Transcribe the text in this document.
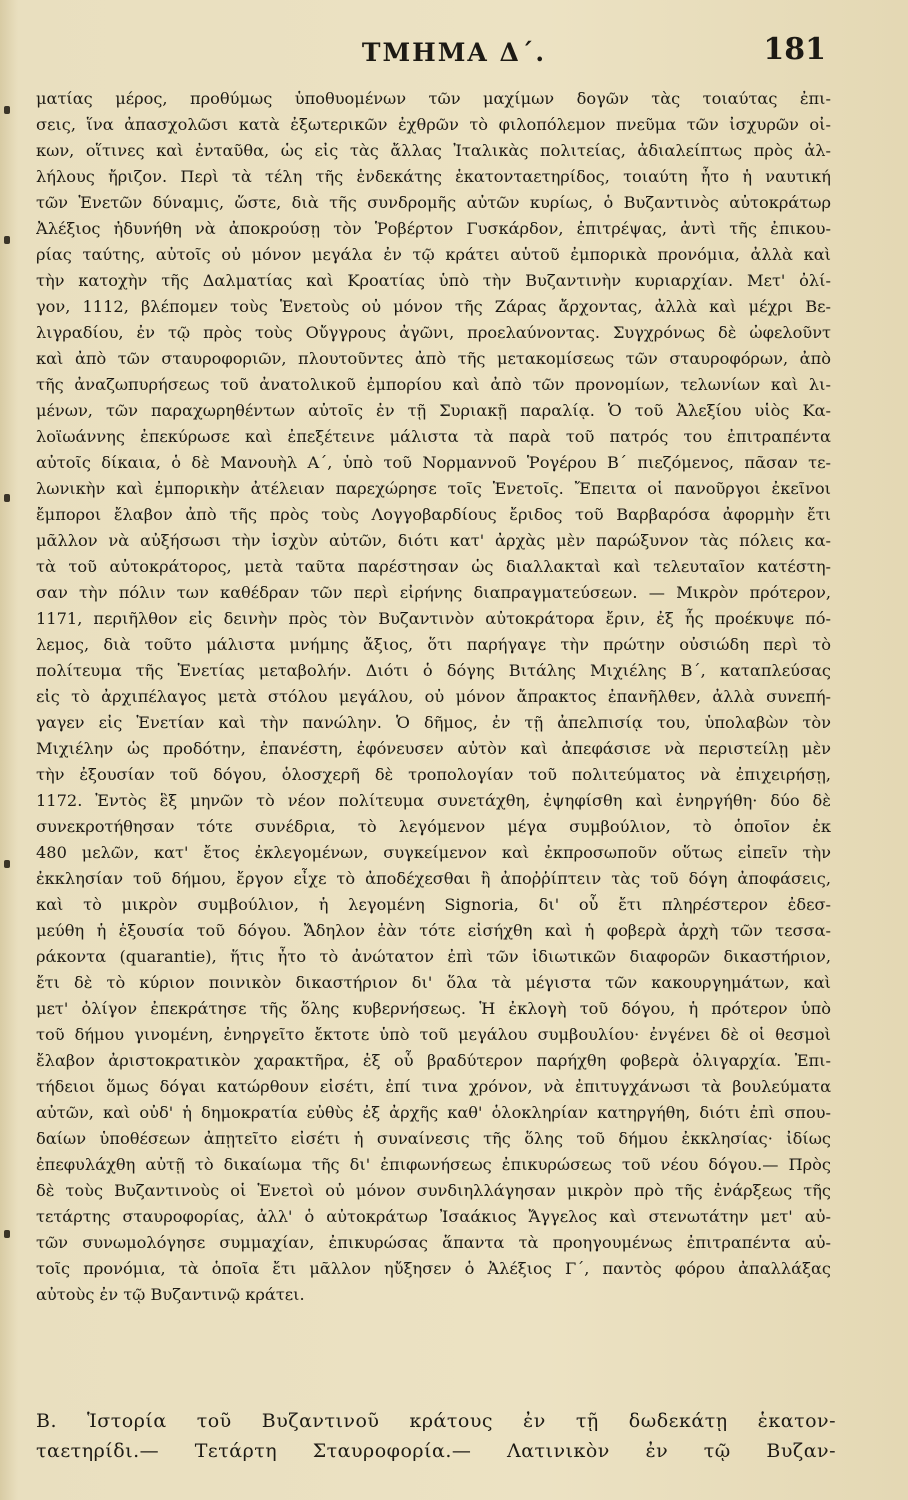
ΤΜΗΜΑ Δ΄.	181
ματίας μέρος, προθύμως ὑποθυομένων τῶν μαχίμων δογῶν τὰς τοιαύτας ἐπι-
σεις, ἵνα ἀπασχολῶσι κατὰ ἐξωτερικῶν ἐχθρῶν τὸ φιλοπόλεμον πνεῦμα τῶν ἰσχυρῶν οἰ-
κων, οἵτινες καὶ ἐνταῦθα, ὡς εἰς τὰς ἄλλας Ἰταλικὰς πολιτείας, ἀδιαλείπτως πρὸς ἀλ-
λήλους ἤριζον. Περὶ τὰ τέλη τῆς ἑνδεκάτης ἑκατονταετηρίδος, τοιαύτη ἦτο ἡ ναυτική
τῶν Ἑνετῶν δύναμις, ὥστε, διὰ τῆς συνδρομῆς αὐτῶν κυρίως, ὁ Βυζαντινὸς αὐτοκράτωρ
Ἀλέξιος ἠδυνήθη νὰ ἀποκρούσῃ τὸν Ῥοβέρτον Γυσκάρδον, ἐπιτρέψας, ἀντὶ τῆς ἐπικου-
ρίας ταύτης, αὐτοῖς οὐ μόνον μεγάλα ἐν τῷ κράτει αὑτοῦ ἐμπορικὰ προνόμια, ἀλλὰ καὶ
τὴν κατοχὴν τῆς Δαλματίας καὶ Κροατίας ὑπὸ τὴν Βυζαντινὴν κυριαρχίαν. Μετ' ὀλί-
γον, 1112, βλέπομεν τοὺς Ἑνετοὺς οὐ μόνον τῆς Ζάρας ἄρχοντας, ἀλλὰ καὶ μέχρι Βε-
λιγραδίου, ἐν τῷ πρὸς τοὺς Οὔγγρους ἀγῶνι, προελαύνοντας. Συγχρόνως δὲ ὠφελοῦντ
καὶ ἀπὸ τῶν σταυροφοριῶν, πλουτοῦντες ἀπὸ τῆς μετακομίσεως τῶν σταυροφόρων, ἀπὸ
τῆς ἀναζωπυρήσεως τοῦ ἀνατολικοῦ ἐμπορίου καὶ ἀπὸ τῶν προνομίων, τελωνίων καὶ λι-
μένων, τῶν παραχωρηθέντων αὐτοῖς ἐν τῇ Συριακῇ παραλίᾳ. Ὁ τοῦ Ἀλεξίου υἱὸς Κα-
λοϊωάννης ἐπεκύρωσε καὶ ἐπεξέτεινε μάλιστα τὰ παρὰ τοῦ πατρός του ἐπιτραπέντα
αὐτοῖς δίκαια, ὁ δὲ Μανουὴλ Α΄, ὑπὸ τοῦ Νορμαννοῦ Ῥογέρου Β΄ πιεζόμενος, πᾶσαν τε-
λωνικὴν καὶ ἐμπορικὴν ἀτέλειαν παρεχώρησε τοῖς Ἑνετοῖς. Ἔπειτα οἱ πανοῦργοι ἐκεῖνοι
ἔμποροι ἔλαβον ἀπὸ τῆς πρὸς τοὺς Λογγοβαρδίους ἔριδος τοῦ Βαρβαρόσα ἀφορμὴν ἔτι
μᾶλλον νὰ αὐξήσωσι τὴν ἰσχὺν αὐτῶν, διότι κατ' ἀρχὰς μὲν παρώξυνον τὰς πόλεις κα-
τὰ τοῦ αὐτοκράτορος, μετὰ ταῦτα παρέστησαν ὡς διαλλακταὶ καὶ τελευταῖον κατέστη-
σαν τὴν πόλιν των καθέδραν τῶν περὶ εἰρήνης διαπραγματεύσεων. — Μικρὸν πρότερον,
1171, περιῆλθον εἰς δεινὴν πρὸς τὸν Βυζαντινὸν αὐτοκράτορα ἔριν, ἐξ ἧς προέκυψε πό-
λεμος, διὰ τοῦτο μάλιστα μνήμης ἄξιος, ὅτι παρήγαγε τὴν πρώτην οὐσιώδη περὶ τὸ
πολίτευμα τῆς Ἑνετίας μεταβολήν. Διότι ὁ δόγης Βιτάλης Μιχιέλης Β΄, καταπλεύσας
εἰς τὸ ἀρχιπέλαγος μετὰ στόλου μεγάλου, οὐ μόνον ἄπρακτος ἐπανῆλθεν, ἀλλὰ συνεπή-
γαγεν εἰς Ἑνετίαν καὶ τὴν πανώλην. Ὁ δῆμος, ἐν τῇ ἀπελπισίᾳ του, ὑπολαβὼν τὸν
Μιχιέλην ὡς προδότην, ἐπανέστη, ἐφόνευσεν αὐτὸν καὶ ἀπεφάσισε νὰ περιστείλῃ μὲν
τὴν ἐξουσίαν τοῦ δόγου, ὁλοσχερῆ δὲ τροπολογίαν τοῦ πολιτεύματος νὰ ἐπιχειρήσῃ,
1172. Ἐντὸς ἓξ μηνῶν τὸ νέον πολίτευμα συνετάχθη, ἐψηφίσθη καὶ ἐνηργήθη· δύο δὲ
συνεκροτήθησαν τότε συνέδρια, τὸ λεγόμενον μέγα συμβούλιον, τὸ ὁποῖον ἐκ
480 μελῶν, κατ' ἔτος ἐκλεγομένων, συγκείμενον καὶ ἐκπροσωποῦν οὕτως εἰπεῖν τὴν
ἐκκλησίαν τοῦ δήμου, ἔργον εἶχε τὸ ἀποδέχεσθαι ἢ ἀποῤῥίπτειν τὰς τοῦ δόγη ἀποφάσεις,
καὶ τὸ μικρὸν συμβούλιον, ἡ λεγομένη Signoria, δι' οὗ ἔτι πληρέστερον ἐδεσ-
μεύθη ἡ ἐξουσία τοῦ δόγου. Ἄδηλον ἐὰν τότε εἰσήχθη καὶ ἡ φοβερὰ ἀρχὴ τῶν τεσσα-
ράκοντα (quarantie), ἥτις ἦτο τὸ ἀνώτατον ἐπὶ τῶν ἰδιωτικῶν διαφορῶν δικαστήριον,
ἔτι δὲ τὸ κύριον ποινικὸν δικαστήριον δι' ὅλα τὰ μέγιστα τῶν κακουργημάτων, καὶ
μετ' ὀλίγον ἐπεκράτησε τῆς ὅλης κυβερνήσεως. Ἡ ἐκλογὴ τοῦ δόγου, ἡ πρότερον ὑπὸ
τοῦ δήμου γινομένη, ἐνηργεῖτο ἔκτοτε ὑπὸ τοῦ μεγάλου συμβουλίου· ἐνγένει δὲ οἱ θεσμοὶ
ἔλαβον ἀριστοκρατικὸν χαρακτῆρα, ἐξ οὗ βραδύτερον παρήχθη φοβερὰ ὀλιγαρχία. Ἐπι-
τήδειοι ὅμως δόγαι κατώρθουν εἰσέτι, ἐπί τινα χρόνον, νὰ ἐπιτυγχάνωσι τὰ βουλεύματα
αὐτῶν, καὶ οὐδ' ἡ δημοκρατία εὐθὺς ἐξ ἀρχῆς καθ' ὁλοκληρίαν κατηργήθη, διότι ἐπὶ σπου-
δαίων ὑποθέσεων ἀπῃτεῖτο εἰσέτι ἡ συναίνεσις τῆς ὅλης τοῦ δήμου ἐκκλησίας· ἰδίως
ἐπεφυλάχθη αὐτῇ τὸ δικαίωμα τῆς δι' ἐπιφωνήσεως ἐπικυρώσεως τοῦ νέου δόγου.— Πρὸς
δὲ τοὺς Βυζαντινοὺς οἱ Ἑνετοὶ οὐ μόνον συνδιηλλάγησαν μικρὸν πρὸ τῆς ἐνάρξεως τῆς
τετάρτης σταυροφορίας, ἀλλ' ὁ αὐτοκράτωρ Ἰσαάκιος Ἄγγελος καὶ στενωτάτην μετ' αὐ-
τῶν συνωμολόγησε συμμαχίαν, ἐπικυρώσας ἅπαντα τὰ προηγουμένως ἐπιτραπέντα αὐ-
τοῖς προνόμια, τὰ ὁποῖα ἔτι μᾶλλον ηὔξησεν ὁ Ἀλέξιος Γ΄, παντὸς φόρου ἀπαλλάξας
αὐτοὺς ἐν τῷ Βυζαντινῷ κράτει.
Β. Ἱστορία τοῦ Βυζαντινοῦ κράτους ἐν τῇ δωδεκάτῃ ἑκατον-
ταετηρίδι.— Τετάρτη Σταυροφορία.— Λατινικὸν ἐν τῷ Βυζαν-
